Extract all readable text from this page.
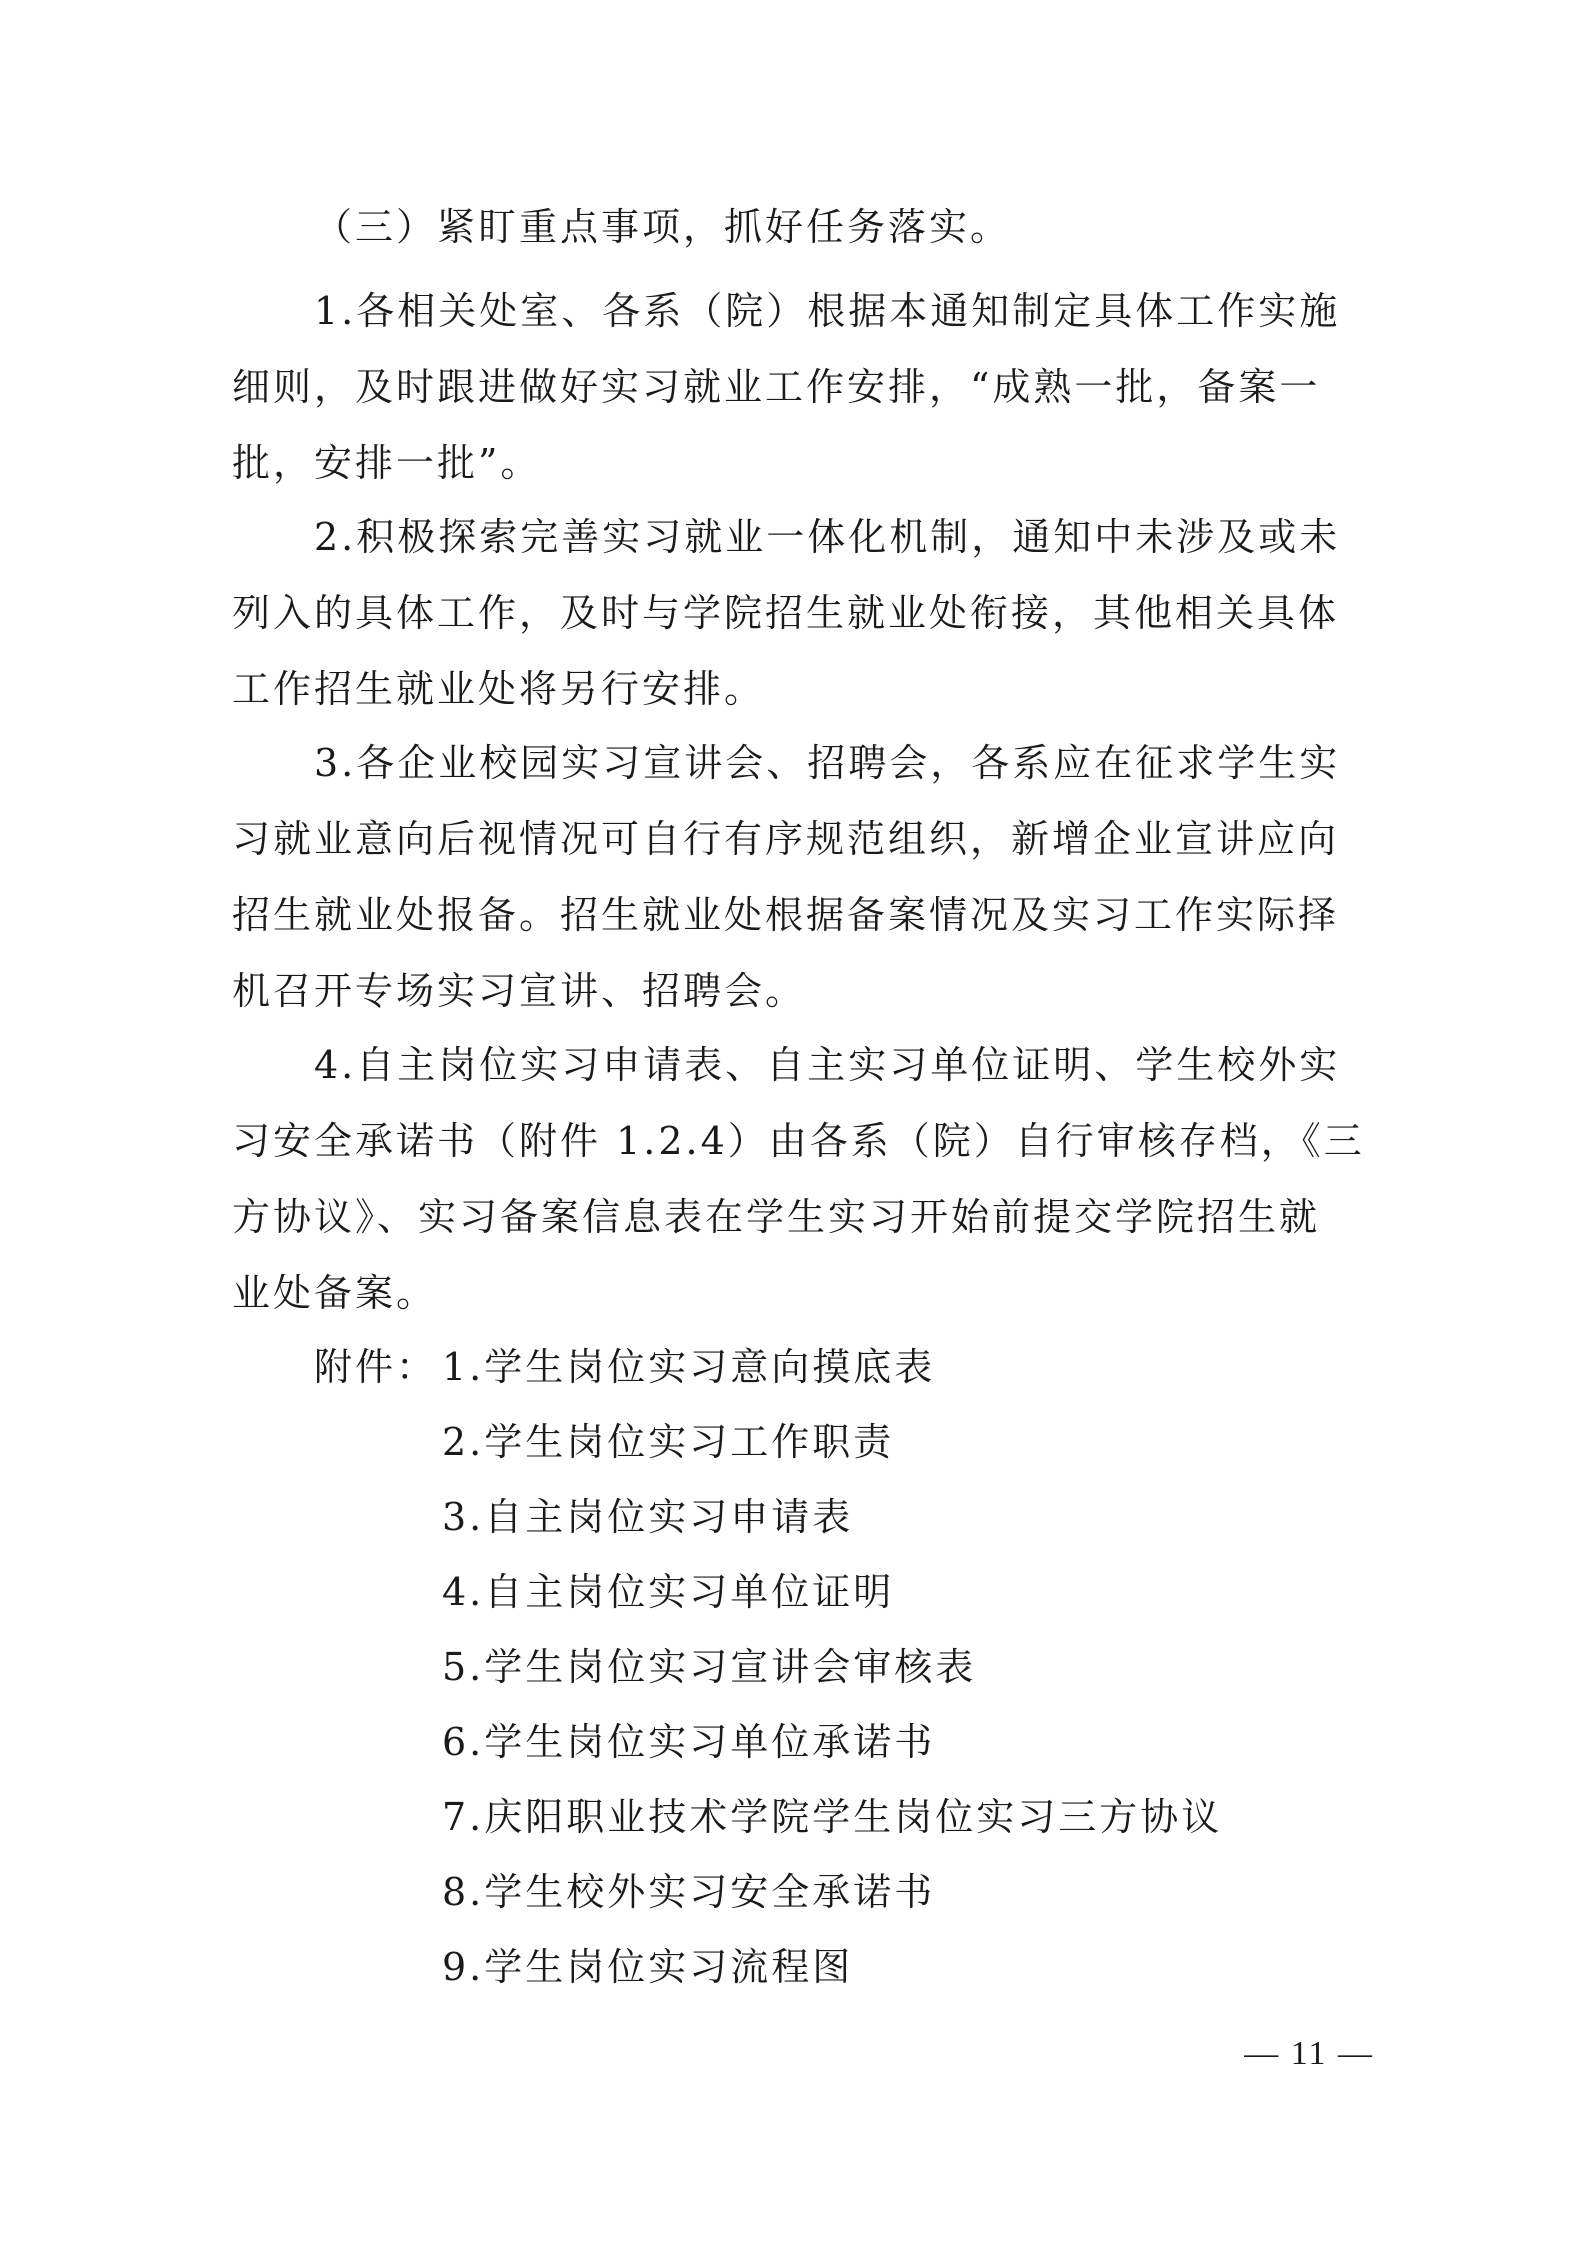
（三）紧盯重点事项，抓好任务落实。
1.各相关处室、各系（院）根据本通知制定具体工作实施
细则，及时跟进做好实习就业工作安排，“成熟一批，备案一
批，安排一批”。
2.积极探索完善实习就业一体化机制，通知中未涉及或未
列入的具体工作，及时与学院招生就业处衔接，其他相关具体
工作招生就业处将另行安排。
3.各企业校园实习宣讲会、招聘会，各系应在征求学生实
习就业意向后视情况可自行有序规范组织，新增企业宣讲应向
招生就业处报备。招生就业处根据备案情况及实习工作实际择
机召开专场实习宣讲、招聘会。
4.自主岗位实习申请表、自主实习单位证明、学生校外实
习安全承诺书（附件 1.2.4）由各系（院）自行审核存档，《三
方协议》、实习备案信息表在学生实习开始前提交学院招生就
业处备案。
附件： 1.学生岗位实习意向摸底表
2.学生岗位实习工作职责
3.自主岗位实习申请表
4.自主岗位实习单位证明
5.学生岗位实习宣讲会审核表
6.学生岗位实习单位承诺书
7.庆阳职业技术学院学生岗位实习三方协议
8.学生校外实习安全承诺书
9.学生岗位实习流程图
— 11 —
